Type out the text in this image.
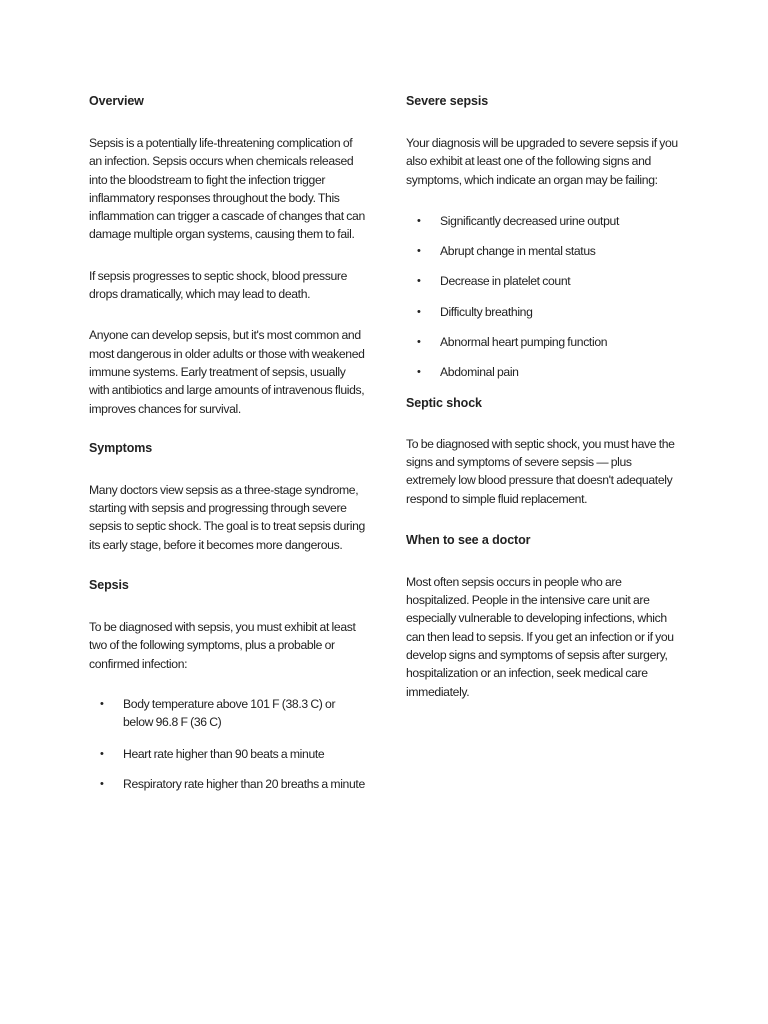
Overview

Sepsis is a potentially life-threatening complication of an infection. Sepsis occurs when chemicals released into the bloodstream to fight the infection trigger inflammatory responses throughout the body. This inflammation can trigger a cascade of changes that can damage multiple organ systems, causing them to fail.

If sepsis progresses to septic shock, blood pressure drops dramatically, which may lead to death.

Anyone can develop sepsis, but it's most common and most dangerous in older adults or those with weakened immune systems. Early treatment of sepsis, usually with antibiotics and large amounts of intravenous fluids, improves chances for survival.

Symptoms

Many doctors view sepsis as a three-stage syndrome, starting with sepsis and progressing through severe sepsis to septic shock. The goal is to treat sepsis during its early stage, before it becomes more dangerous.

Sepsis

To be diagnosed with sepsis, you must exhibit at least two of the following symptoms, plus a probable or confirmed infection:

• Body temperature above 101 F (38.3 C) or below 96.8 F (36 C)
• Heart rate higher than 90 beats a minute
• Respiratory rate higher than 20 breaths a minute
Severe sepsis

Your diagnosis will be upgraded to severe sepsis if you also exhibit at least one of the following signs and symptoms, which indicate an organ may be failing:

• Significantly decreased urine output
• Abrupt change in mental status
• Decrease in platelet count
• Difficulty breathing
• Abnormal heart pumping function
• Abdominal pain
Septic shock

To be diagnosed with septic shock, you must have the signs and symptoms of severe sepsis — plus extremely low blood pressure that doesn't adequately respond to simple fluid replacement.

When to see a doctor

Most often sepsis occurs in people who are hospitalized. People in the intensive care unit are especially vulnerable to developing infections, which can then lead to sepsis. If you get an infection or if you develop signs and symptoms of sepsis after surgery, hospitalization or an infection, seek medical care immediately.
